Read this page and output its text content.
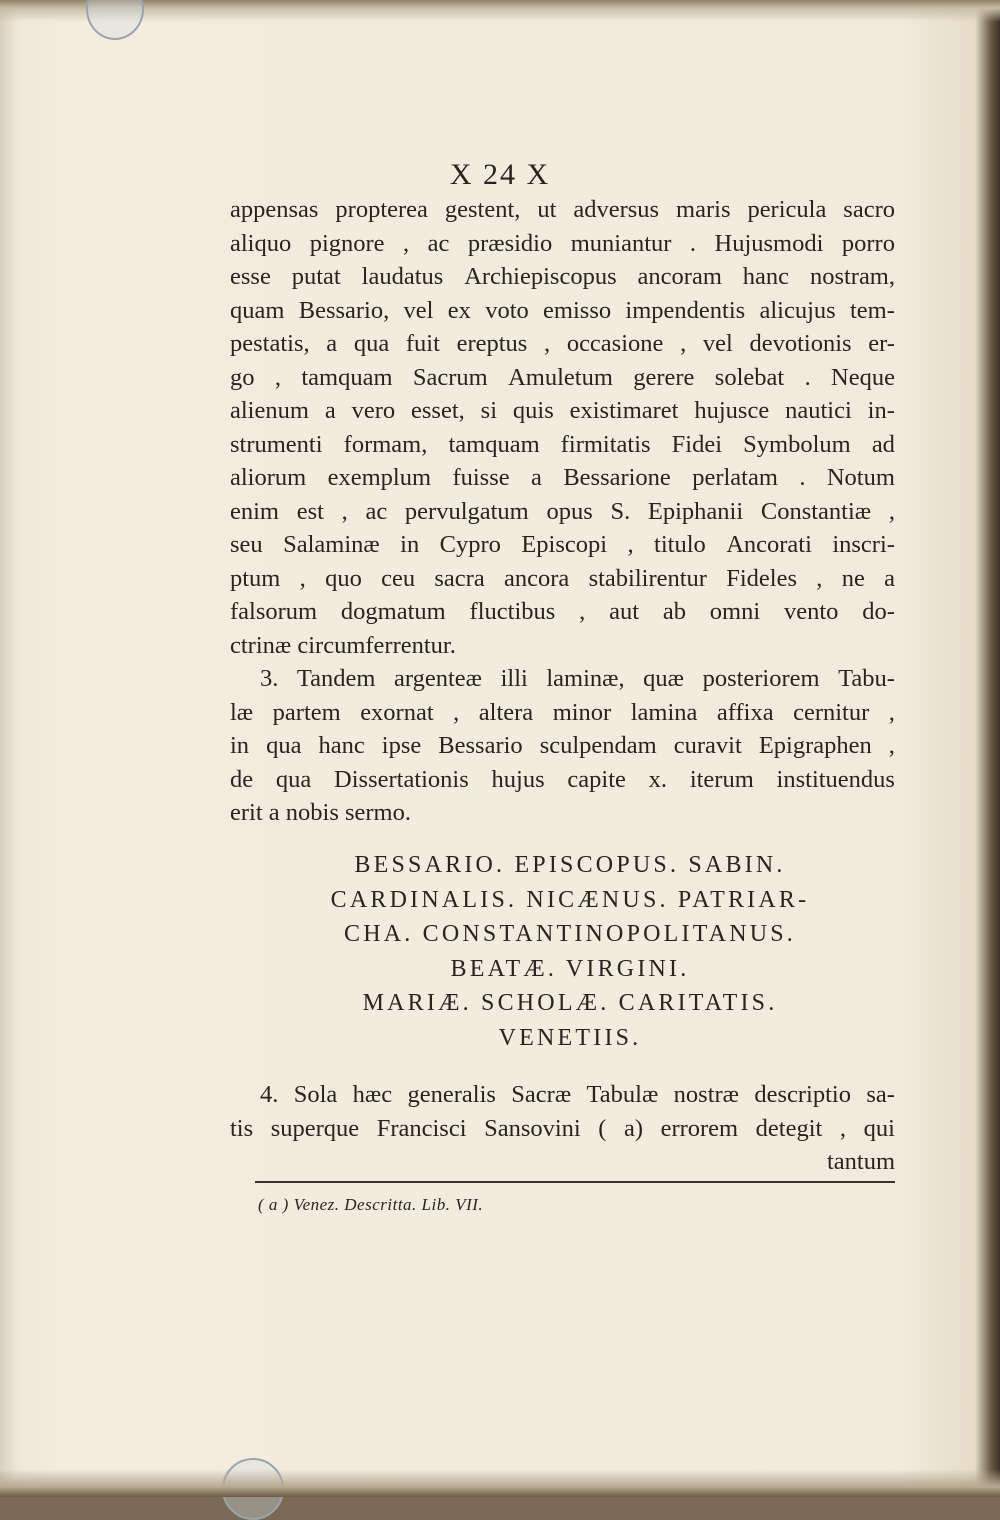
X 24 X
appensas propterea gestent, ut adversus maris pericula sacro
aliquo pignore , ac præsidio muniantur . Hujusmodi porro
esse putat laudatus Archiepiscopus ancoram hanc nostram,
quam Bessario, vel ex voto emisso impendentis alicujus tem-
pestatis, a qua fuit ereptus , occasione , vel devotionis er-
go , tamquam Sacrum Amuletum gerere solebat . Neque
alienum a vero esset, si quis existimaret hujusce nautici in-
strumenti formam, tamquam firmitatis Fidei Symbolum ad
aliorum exemplum fuisse a Bessarione perlatam . Notum
enim est , ac pervulgatum opus S. Epiphanii Constantiæ ,
seu Salaminæ in Cypro Episcopi , titulo Ancorati inscri-
ptum , quo ceu sacra ancora stabilirentur Fideles , ne a
falsorum dogmatum fluctibus , aut ab omni vento do-
ctrinæ circumferrentur.
3. Tandem argenteæ illi laminæ, quæ posteriorem Tabu-
læ partem exornat , altera minor lamina affixa cernitur ,
in qua hanc ipse Bessario sculpendam curavit Epigraphen ,
de qua Dissertationis hujus capite x. iterum instituendus
erit a nobis sermo.
BESSARIO. EPISCOPUS. SABIN.
CARDINALIS. NICÆNUS. PATRIAR-
CHA. CONSTANTINOPOLITANUS.
BEATÆ. VIRGINI.
MARIÆ. SCHOLÆ. CARITATIS.
VENETIIS.
4. Sola hæc generalis Sacræ Tabulæ nostræ descriptio sa-
tis superque Francisci Sansovini ( a) errorem detegit , qui
tantum
( a ) Venez. Descritta. Lib. VII.
